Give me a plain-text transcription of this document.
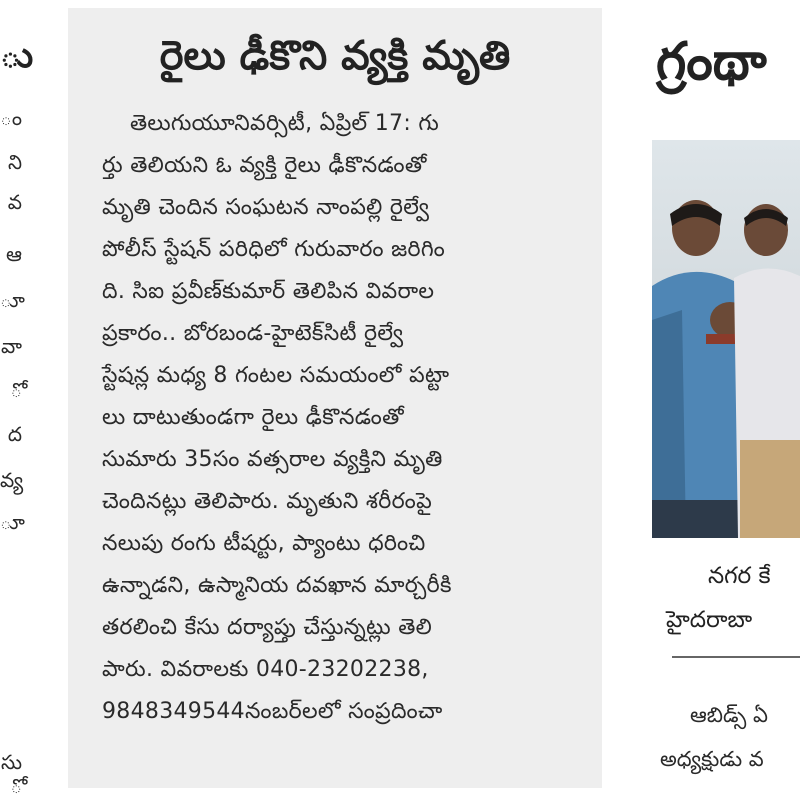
ు
ం
ని
వ
ఆ
ూ
వా
ో
ద
వ్య
ూ
సు
ో
రైలు ఢీకొని వ్యక్తి మృతి
తెలుగుయూనివర్సిటీ, ఏప్రిల్ 17: గు
ర్తు తెలియని ఓ వ్యక్తి రైలు ఢీకొనడంతో
మృతి చెందిన సంఘటన నాంపల్లి రైల్వే
పోలీస్ స్టేషన్ పరిధిలో గురువారం జరిగిం
ది. సిఐ ప్రవీణ్‌కుమార్ తెలిపిన వివరాల
ప్రకారం.. బోరబండ-హైటెక్‌సిటీ రైల్వే
స్టేషన్ల మధ్య 8 గంటల సమయంలో పట్టా
లు దాటుతుండగా రైలు ఢీకొనడంతో
సుమారు 35సం వత్సరాల వ్యక్తిని మృతి
చెందినట్లు తెలిపారు. మృతుని శరీరంపై
నలుపు రంగు టీషర్టు, ప్యాంటు ధరించి
ఉన్నాడని, ఉస్మానియ దవఖాన మార్చరీకి
తరలించి కేసు దర్యాప్తు చేస్తున్నట్లు తెలి
పారు. వివరాలకు 040-23202238,
9848349544నంబర్‌లలో సంప్రదించా
గ్రంథా
నగర కే
హైదరాబా
ఆబిడ్స్ ఏ
అధ్యక్షుడు వ
